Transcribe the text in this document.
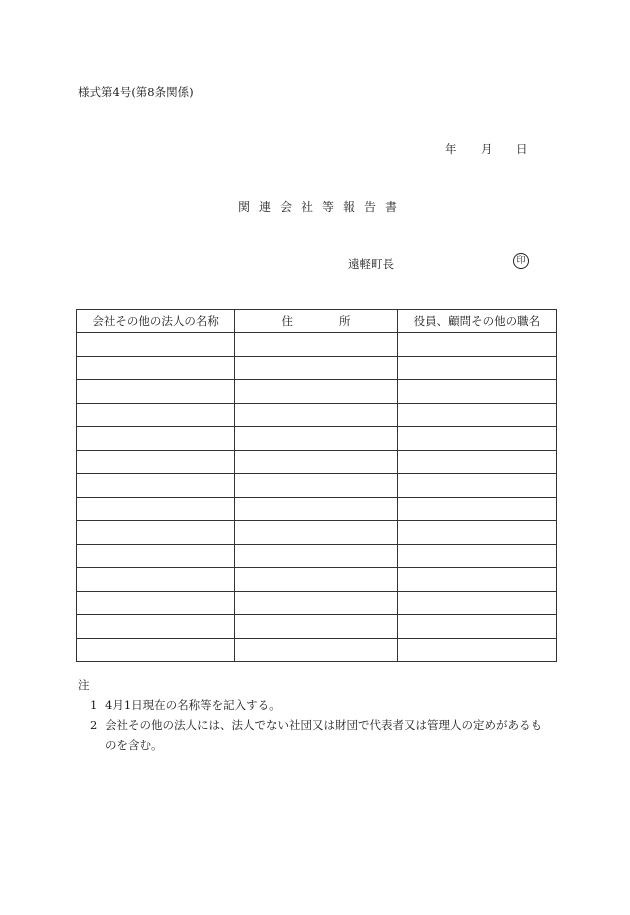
様式第4号(第8条関係)
年 月 日
関連会社等報告書
遠軽町長	印
会社その他の法人の名称	住 所	役員、顧問その他の職名

注
1 4月1日現在の名称等を記入する。
2 会社その他の法人には、法人でない社団又は財団で代表者又は管理人の定めがあるも
のを含む。
